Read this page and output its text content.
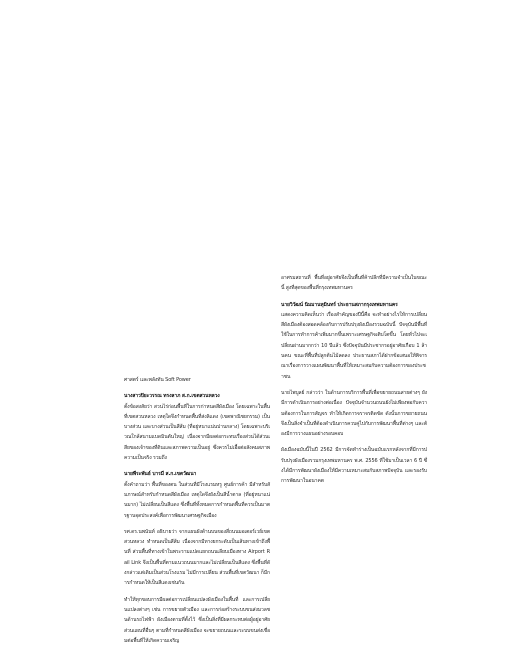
ศาสตร์ และพลังทัน Soft Power

นางสาวปิยะวรรณ ทรงลาภ ส.ก.เขตสวนหลวง

ตั้งข้อสงสัยว่า สวนไร่ก่อนพื้นที่ในการก่าหนดสีผังเมือง โดยเฉพาะในพื้นที่เขตสวนหลวง เหตุใดจึงกำหนดพื้นที่ส่งลิแดง (เขตพาณิชยกรรม) เป็นบางส่วน และบางส่วนเป็นสีส้ม (ที่อยู่หนาแน่นปานกลาง) โดยเฉพาะบริเวณใกล้สนามแบดมินตันใหญ่ เนื่องจากมีผลต่อกระทบเรื่องส่วนได้ส่วนเสียของเจ้าของที่ดินและสภาพความเป็นอยู่ ซึ่งควรไม่เอื้อต่อสังคมสภาพความเป็นจริง รวมถึง

นายพีระพันธ์ บารมี ส.ก.เขตวัฒนา

ตั้งคำถามว่า พื้นที่ของตน ในส่วนที่มีโรงแรมหรู ศูนย์การค้า มีสำหรับสัมภาษณ์สำหรับกำหนดสีผังเมือง เหตุใดจึงยังเป็นสีน้ำตาล (ที่อยู่หนาแน่นมาก) ไม่เปลี่ยนเป็นสีแดง ซึ่งพื้นที่ทั้งหมดการกำหนดพื้นที่ควรเป็นมาตรฐานจุดประสงค์เพื่อการพัฒนาเศรษฐกิจเมือง

รศ.ดร.นพนันท์ อธิบายว่า จากแผนผังด้านบนของสี่ถนนมอเตอร์เวย์เขตสวนหลวง ทำหนดเป็นสีส้ม เนื่องจากมีทางยกระดับเป็นเส้นทางเข้าถึงพื้นที่ ส่วนพื้นที่ทางเข้าในพระรามแปดแยกถนนเลียบเมืองทาง Airport Rail Link จึงเป็นพื้นที่ตามแนวถนนมากและไม่เปลี่ยนเป็นสีแดง ซึ่งพื้นที่ดังกล่าวแต่เดิมเป็นส่วนโรงแรม ไม่มีการเปลี่ยน ส่วนพื้นที่เขตวัฒนา ก็มีการกำหนดให้เป็นสีแดงเช่นกัน

ทำให้ทุกขอบการมีผลต่อการเปลี่ยนแปลงผังเมืองในพื้นที่ และการเปลี่ยนแปลงต่างๆ เช่น การขยายตัวเมือง และการก่อสร้างระบบขนส่งมวลชนด้านรถไฟฟ้า ผังเมืองตามที่ตั้งไว้ ซึ่งเป็นสิ่งที่มีผลกระทบต่อผู้อยู่อาศัย ส่วนแผนที่อื่นๆ ตามที่กำหนดสีผังเมือง จะขยายถนนและระบบขนส่งเชื่อมต่อพื้นที่ให้เกิดความเจริญ

อาศรมสถานที่ พื้นที่อยู่อาศัยจึงเป็นพื้นที่ค้าปลีกที่มีความจำเป็นในขณะนี้ สูงที่สุดของพื้นที่กรุงเทพมหานคร

นายวิวัฒน์ นิมมานหุมินทร์ ประธานสภากรุงเทพมหานคร

แสดงความคิดเห็นว่า เรื่องสำคัญของปีนี้คือ จะทำอย่างไรให้การเปลี่ยนสีผังเมืองต้องสอดคล้องกับการปรับปรุงผังเมืองรวมฉบับนี้ ปัจจุบันมีพื้นที่ใช้ในการทำการค้าเพิ่มมากขึ้นเพราะเศรษฐกิจเติบโตขึ้น โดยทั่วไปจะเปลี่ยนผ่านมากกว่า 10 ปีแล้ว ซึ่งปัจจุบันมีประชากรอยู่อาศัยเกือบ 1 ล้านคน ขณะที่พื้นที่ปลูกต้นไม้ลดลง ประธานสภาได้ฝากข้อเสนอให้พิจารณาเรื่องการวางแผนพัฒนาพื้นที่ให้เหมาะสมกับความต้องการของประชาชน

นายไพบูลย์ กล่าวว่า ในด้านการบริการพื้นที่เพื่อขยายถนนสายต่างๆ ยังมีการดำเนินการอย่างต่อเนื่อง ปัจจุบันจำนวนถนนยังไม่เพียงพอกับความต้องการในการสัญจร ทำให้เกิดการจราจรติดขัด ดังนั้นการขยายถนนจึงเป็นสิ่งจำเป็นที่ต้องดำเนินการควบคู่ไปกับการพัฒนาพื้นที่ต่างๆ และต้องมีการวางแผนอย่างรอบคอบ

ผังเมืองฉบับนี้ในปี 2562 มีการจัดทำร่างเป็นฉบับแรกหลังจากที่มีการปรับปรุงผังเมืองรวมกรุงเทพมหานคร พ.ศ. 2556 ที่ใช้มาเป็นเวลา 6 ปี ซึ่งได้มีการพัฒนาผังเมืองให้มีความเหมาะสมกับสภาพปัจจุบัน และรองรับการพัฒนาในอนาคต
